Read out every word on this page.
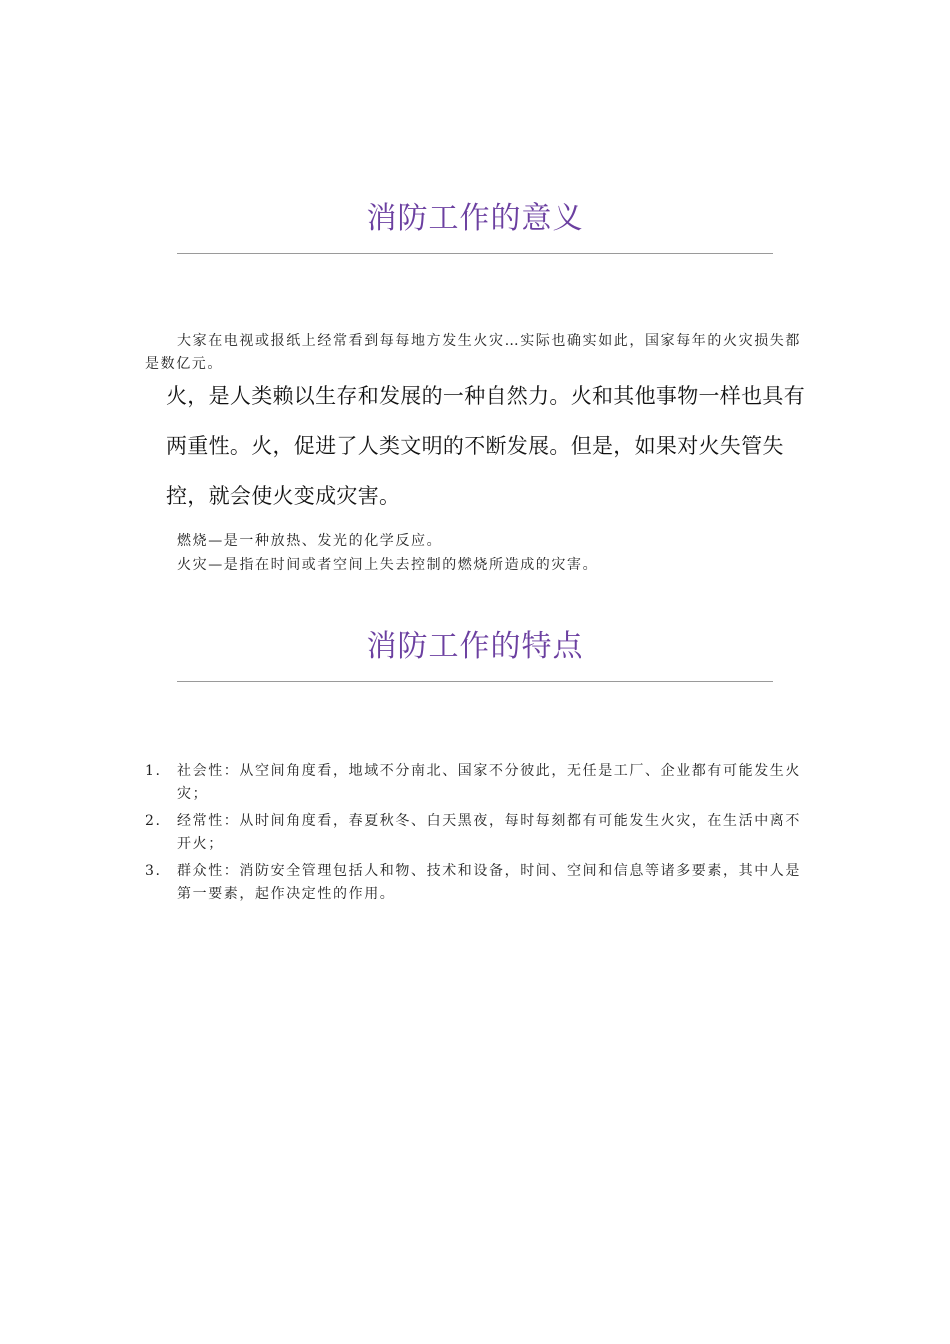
消防工作的意义

大家在电视或报纸上经常看到每每地方发生火灾…实际也确实如此，国家每年的火灾损失都是数亿元。

火，是人类赖以生存和发展的一种自然力。火和其他事物一样也具有两重性。火，促进了人类文明的不断发展。但是，如果对火失管失控，就会使火变成灾害。

燃烧—是一种放热、发光的化学反应。
火灾—是指在时间或者空间上失去控制的燃烧所造成的灾害。
消防工作的特点
1.	社会性：从空间角度看，地域不分南北、国家不分彼此，无任是工厂、企业都有可能发生火灾；
2.	经常性：从时间角度看，春夏秋冬、白天黑夜，每时每刻都有可能发生火灾，在生活中离不开火；
3.	群众性：消防安全管理包括人和物、技术和设备，时间、空间和信息等诸多要素，其中人是第一要素，起作决定性的作用。
